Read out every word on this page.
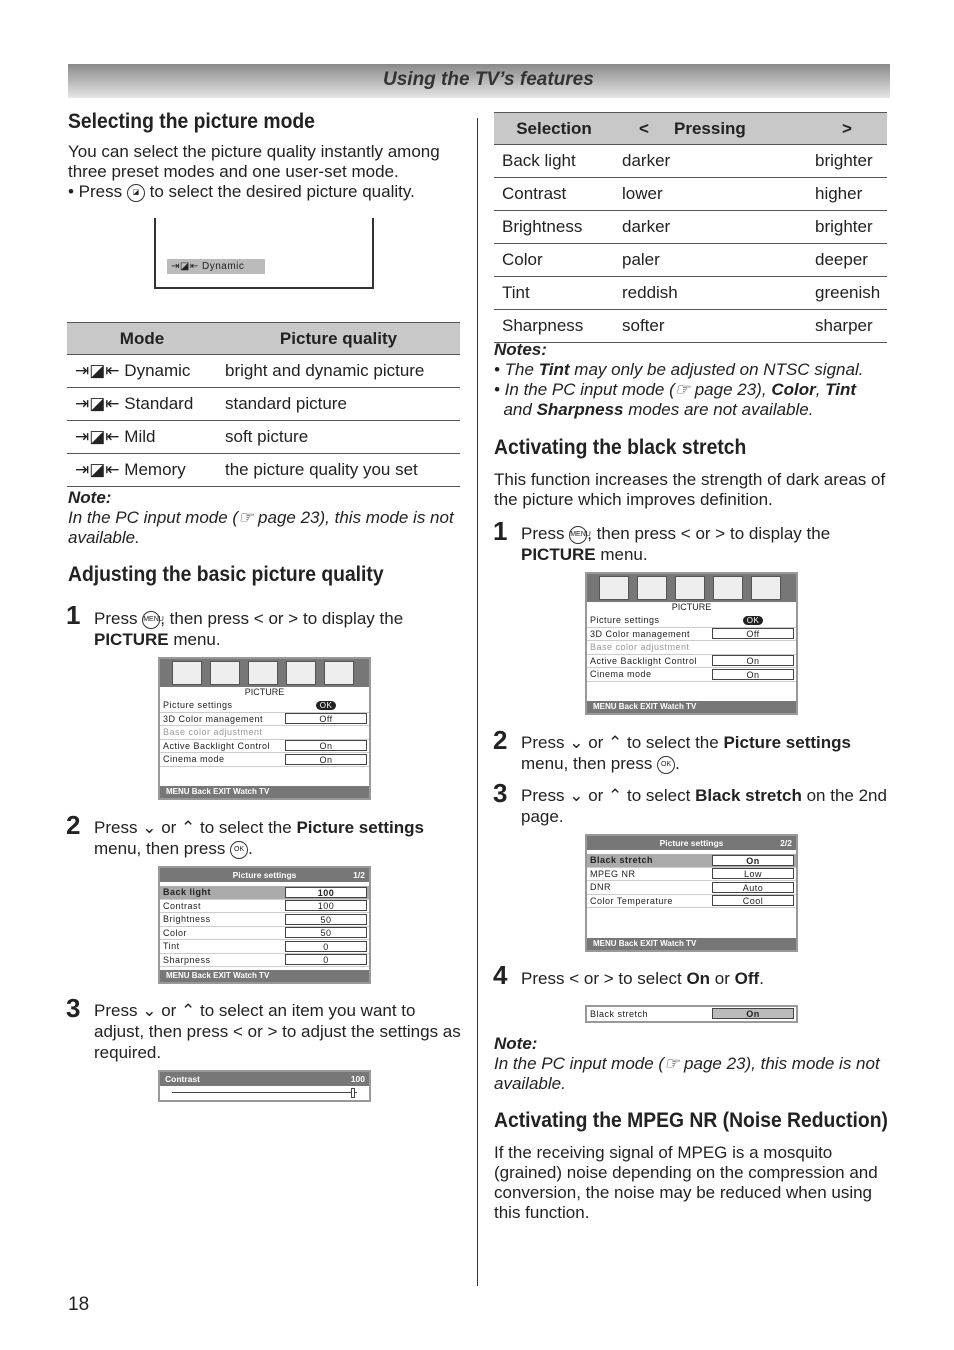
Using the TV’s features
18
Selecting the picture mode

You can select the picture quality instantly among three preset modes and one user-set mode.

• Press ◪ to select the desired picture quality.

⇥◪⇤ Dynamic
Mode	Picture quality
⇥◪⇤ Dynamic	bright and dynamic picture
⇥◪⇤ Standard	standard picture
⇥◪⇤ Mild	soft picture
⇥◪⇤ Memory	the picture quality you set
Note:
In the PC input mode (☞ page 23), this mode is not available.
Adjusting the basic picture quality
1 Press MENU, then press < or > to display the PICTURE menu.
PICTURE
Picture settings	OK
3D Color management	Off
Base color adjustment
Active Backlight Control	On
Cinema mode	On
MENU Back EXIT Watch TV
2 Press ⌄ or ⌃ to select the Picture settings menu, then press OK .
Picture settings	1/2
Back light	100
Contrast	100
Brightness	50
Color	50
Tint	0
Sharpness	0
MENU Back EXIT Watch TV
3 Press ⌄ or ⌃ to select an item you want to adjust, then press < or > to adjust the settings as required.
Contrast	100
Selection	<	Pressing	>
Back light	darker		brighter
Contrast	lower		higher
Brightness	darker		brighter
Color	paler		deeper
Tint	reddish		greenish
Sharpness	softer		sharper
Notes:
• The Tint may only be adjusted on NTSC signal.
• In the PC input mode (☞ page 23), Color, Tint
and Sharpness modes are not available.
Activating the black stretch

This function increases the strength of dark areas of the picture which improves definition.

1 Press MENU, then press < or > to display the
PICTURE menu.
PICTURE
Picture settings	OK
3D Color management	Off
Base color adjustment
Active Backlight Control	On
Cinema mode	On
MENU Back EXIT Watch TV
2 Press ⌄ or ⌃ to select the Picture settings menu, then press OK .
3 Press ⌄ or ⌃ to select Black stretch on the 2nd page.
Picture settings	2/2
Black stretch	On
MPEG NR	Low
DNR	Auto
Color Temperature	Cool
MENU Back EXIT Watch TV
4 Press < or > to select On or Off.
Black stretch	On
Note:
In the PC input mode (☞ page 23), this mode is not available.
Activating the MPEG NR (Noise Reduction)

If the receiving signal of MPEG is a mosquito (grained) noise depending on the compression and conversion, the noise may be reduced when using this function.
